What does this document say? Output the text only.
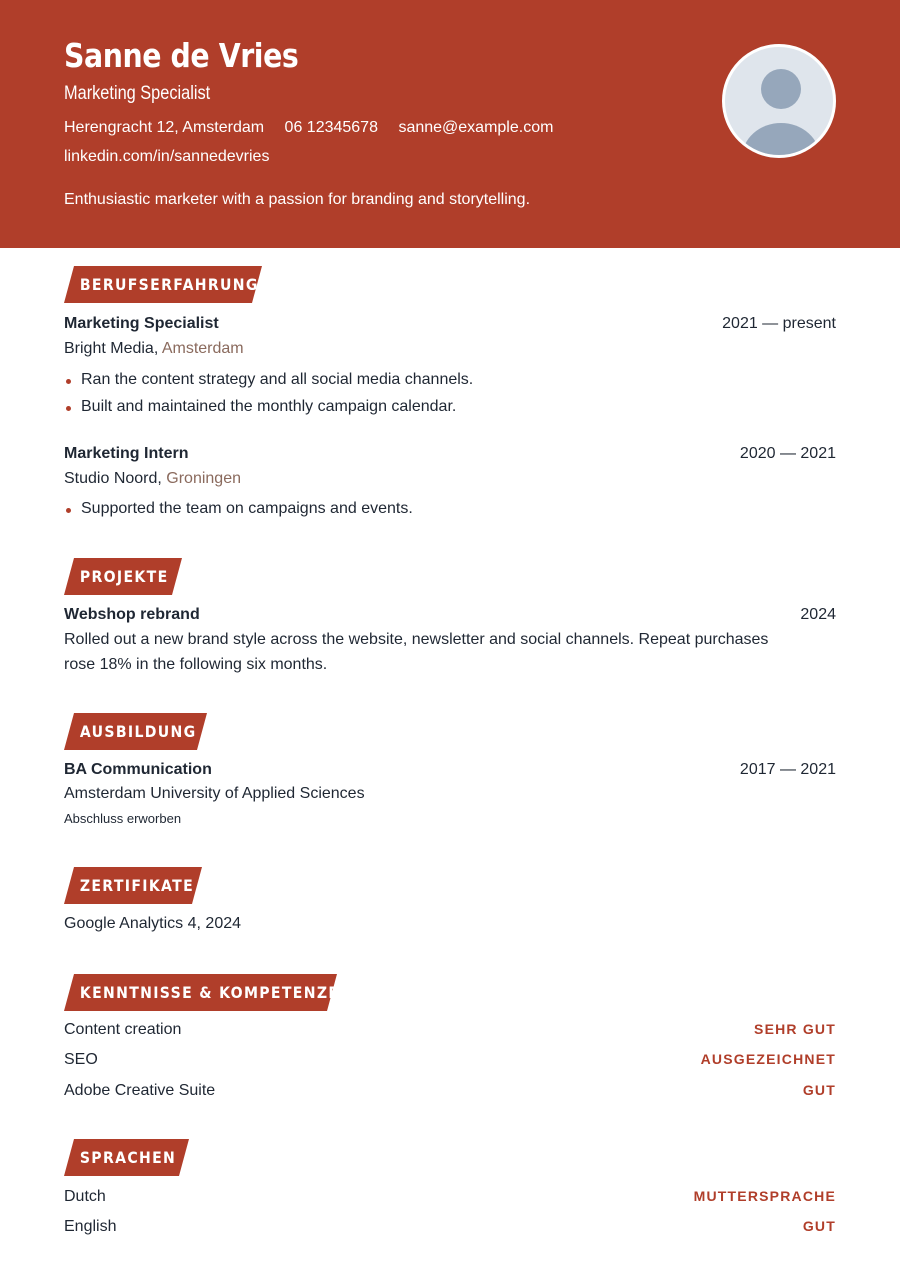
Sanne de Vries
Marketing Specialist
Herengracht 12, Amsterdam 06 12345678 sanne@example.com
linkedin.com/in/sannedevries
Enthusiastic marketer with a passion for branding and storytelling.
BERUFSERFAHRUNG
Marketing Specialist	2021 — present
Bright Media, Amsterdam
Ran the content strategy and all social media channels.
Built and maintained the monthly campaign calendar.
Marketing Intern	2020 — 2021
Studio Noord, Groningen
Supported the team on campaigns and events.
PROJEKTE
Webshop rebrand	2024
Rolled out a new brand style across the website, newsletter and social channels. Repeat purchases
rose 18% in the following six months.
AUSBILDUNG
BA Communication	2017 — 2021
Amsterdam University of Applied Sciences
Abschluss erworben
ZERTIFIKATE
Google Analytics 4, 2024
KENNTNISSE & KOMPETENZEN
Content creation	SEHR GUT
SEO	AUSGEZEICHNET
Adobe Creative Suite	GUT
SPRACHEN
Dutch	MUTTERSPRACHE
English	GUT
